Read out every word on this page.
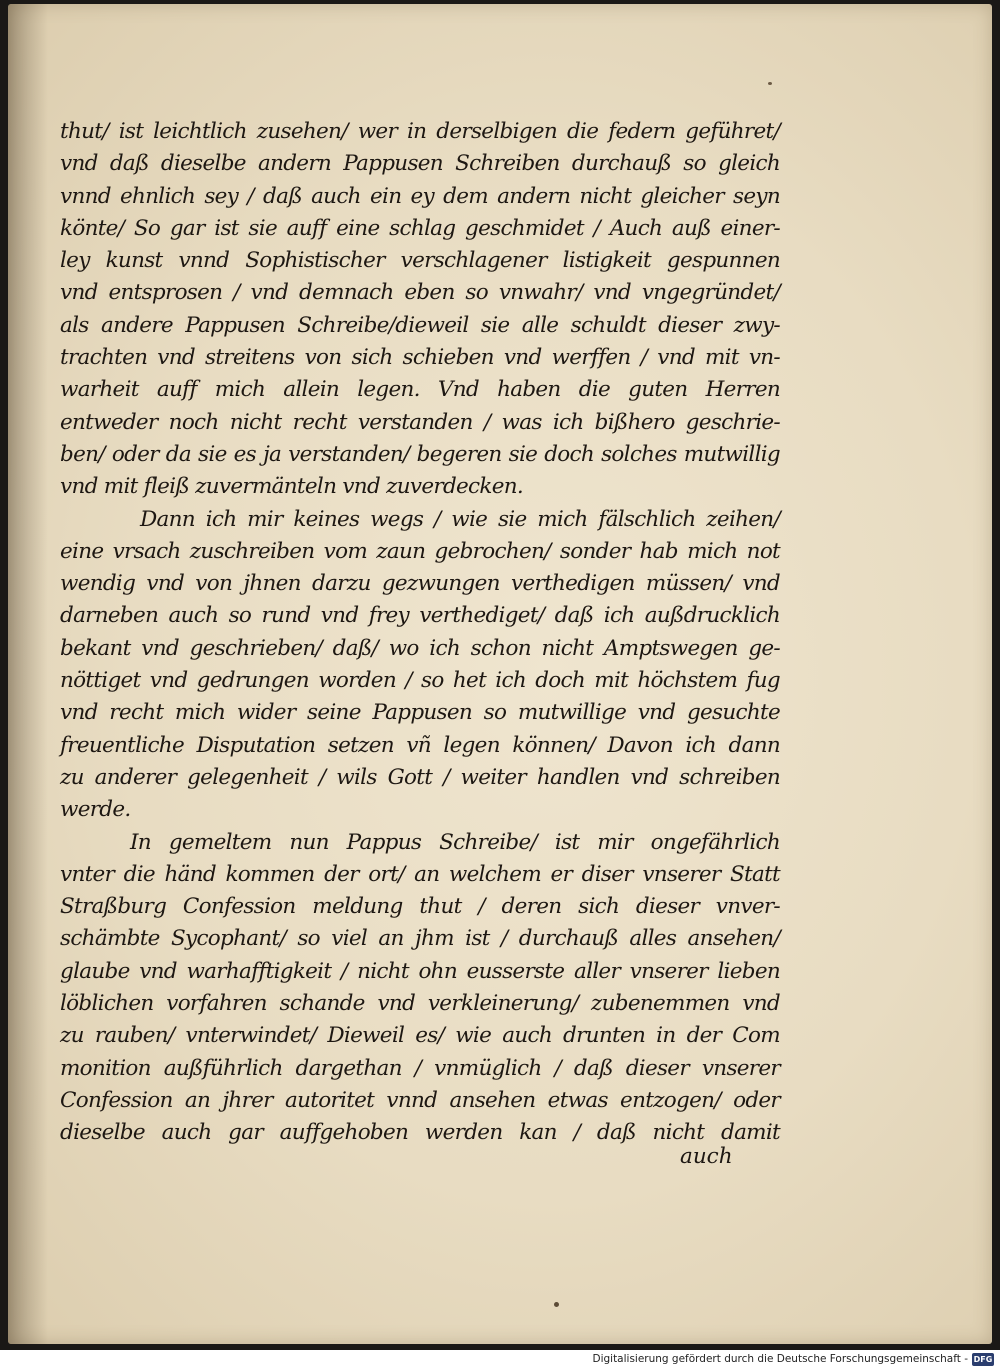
thut/ ist leichtlich zusehen/ wer in derselbigen die federn geführet/
vnd daß dieselbe andern Pappusen Schreiben durchauß so gleich
vnnd ehnlich sey / daß auch ein ey dem andern nicht gleicher seyn
könte/ So gar ist sie auff eine schlag geschmidet / Auch auß einer-
ley kunst vnnd Sophistischer verschlagener listigkeit gespunnen
vnd entsprosen / vnd demnach eben so vnwahr/ vnd vngegründet/
als andere Pappusen Schreibe/dieweil sie alle schuldt dieser zwy-
trachten vnd streitens von sich schieben vnd werffen / vnd mit vn-
warheit auff mich allein legen. Vnd haben die guten Herren
entweder noch nicht recht verstanden / was ich bißhero geschrie-
ben/ oder da sie es ja verstanden/ begeren sie doch solches mutwillig
vnd mit fleiß zuvermänteln vnd zuverdecken.
Dann ich mir keines wegs / wie sie mich fälschlich zeihen/
eine vrsach zuschreiben vom zaun gebrochen/ sonder hab mich not
wendig vnd von jhnen darzu gezwungen verthedigen müssen/ vnd
darneben auch so rund vnd frey verthediget/ daß ich außdrucklich
bekant vnd geschrieben/ daß/ wo ich schon nicht Amptswegen ge-
nöttiget vnd gedrungen worden / so het ich doch mit höchstem fug
vnd recht mich wider seine Pappusen so mutwillige vnd gesuchte
freuentliche Disputation setzen vñ legen können/ Davon ich dann
zu anderer gelegenheit / wils Gott / weiter handlen vnd schreiben
werde.
In gemeltem nun Pappus Schreibe/ ist mir ongefährlich
vnter die händ kommen der ort/ an welchem er diser vnserer Statt
Straßburg Confession meldung thut / deren sich dieser vnver-
schämbte Sycophant/ so viel an jhm ist / durchauß alles ansehen/
glaube vnd warhafftigkeit / nicht ohn eusserste aller vnserer lieben
löblichen vorfahren schande vnd verkleinerung/ zubenemmen vnd
zu rauben/ vnterwindet/ Dieweil es/ wie auch drunten in der Com
monition außführlich dargethan / vnmüglich / daß dieser vnserer
Confession an jhrer autoritet vnnd ansehen etwas entzogen/ oder
dieselbe auch gar auffgehoben werden kan / daß nicht damit
auch
Digitalisierung gefördert durch die Deutsche Forschungsgemeinschaft - DFG
